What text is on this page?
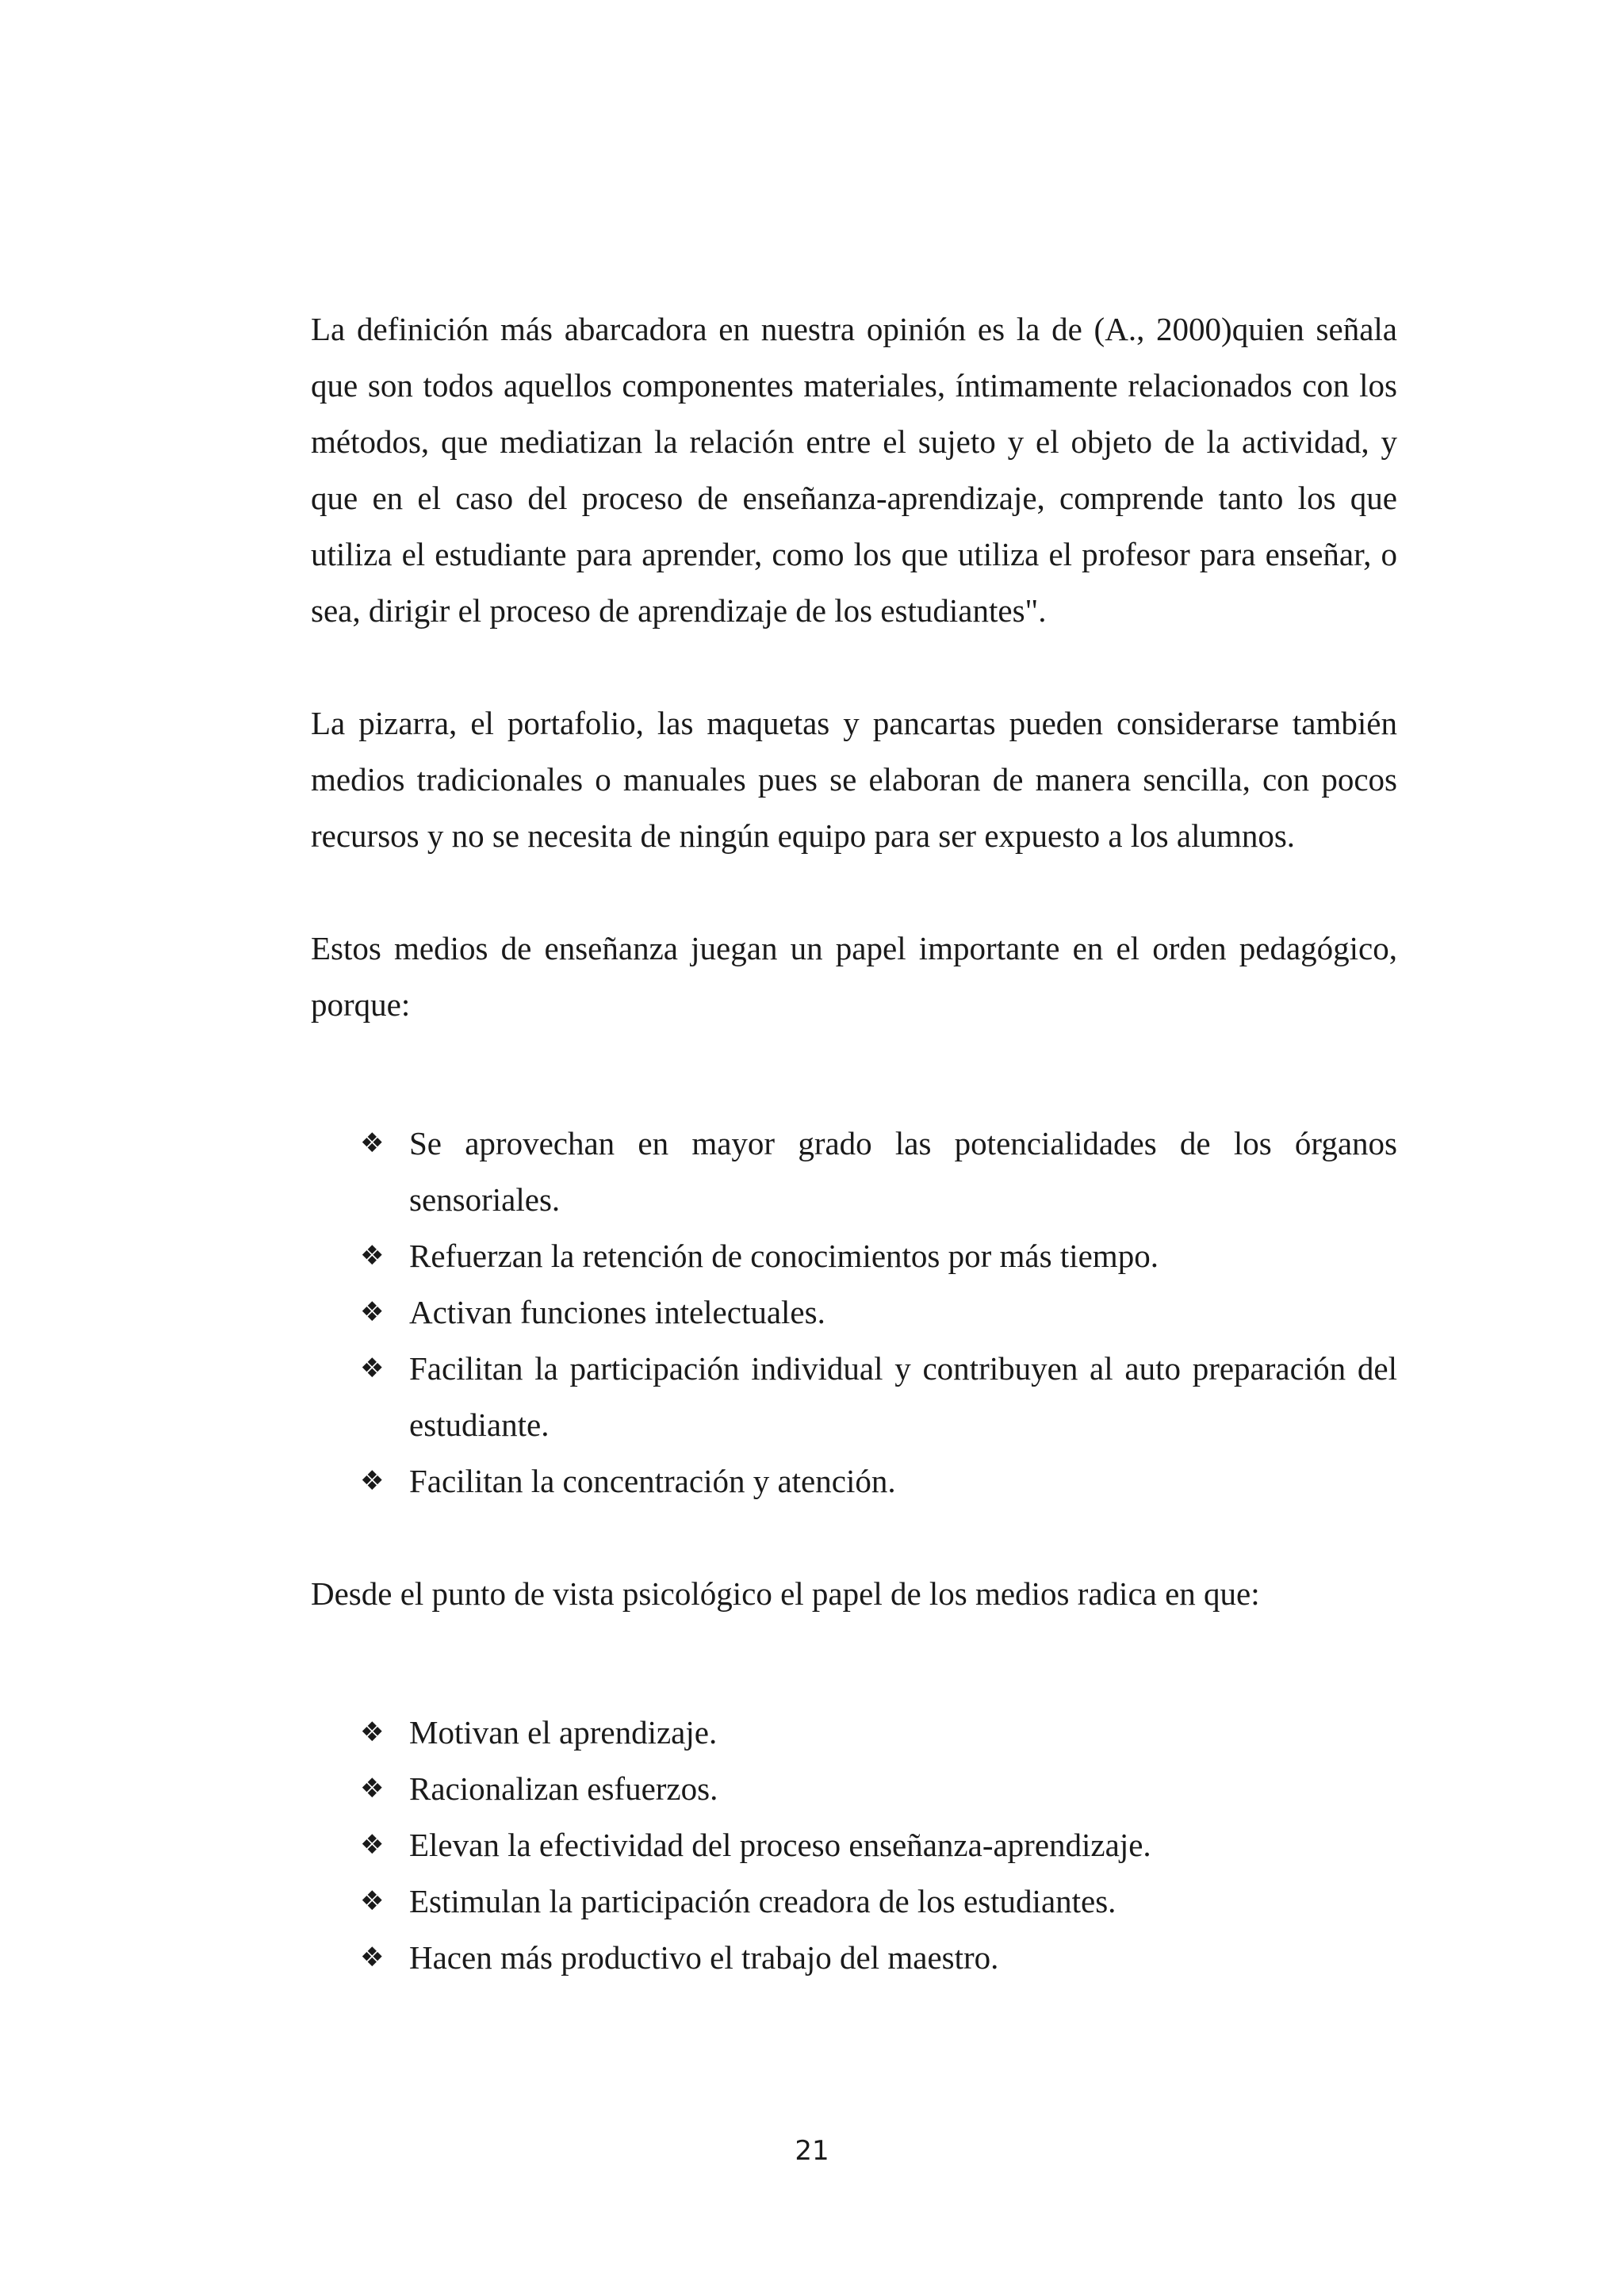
La definición más abarcadora en nuestra opinión es la de (A., 2000)quien señala que son todos aquellos componentes materiales, íntimamente relacionados con los métodos, que mediatizan la relación entre el sujeto y el objeto de la actividad, y que en el caso del proceso de enseñanza-aprendizaje, comprende tanto los que utiliza el estudiante para aprender, como los que utiliza el profesor para enseñar, o sea, dirigir el proceso de aprendizaje de los estudiantes".

La pizarra, el portafolio, las maquetas y pancartas pueden considerarse también medios tradicionales o manuales pues se elaboran de manera sencilla, con pocos recursos y no se necesita de ningún equipo para ser expuesto a los alumnos.

Estos medios de enseñanza juegan un papel importante en el orden pedagógico, porque:

❖ Se aprovechan en mayor grado las potencialidades de los órganos sensoriales.
❖ Refuerzan la retención de conocimientos por más tiempo.
❖ Activan funciones intelectuales.
❖ Facilitan la participación individual y contribuyen al auto preparación del estudiante.
❖ Facilitan la concentración y atención.

Desde el punto de vista psicológico el papel de los medios radica en que:

❖ Motivan el aprendizaje.
❖ Racionalizan esfuerzos.
❖ Elevan la efectividad del proceso enseñanza-aprendizaje.
❖ Estimulan la participación creadora de los estudiantes.
❖ Hacen más productivo el trabajo del maestro.
21
